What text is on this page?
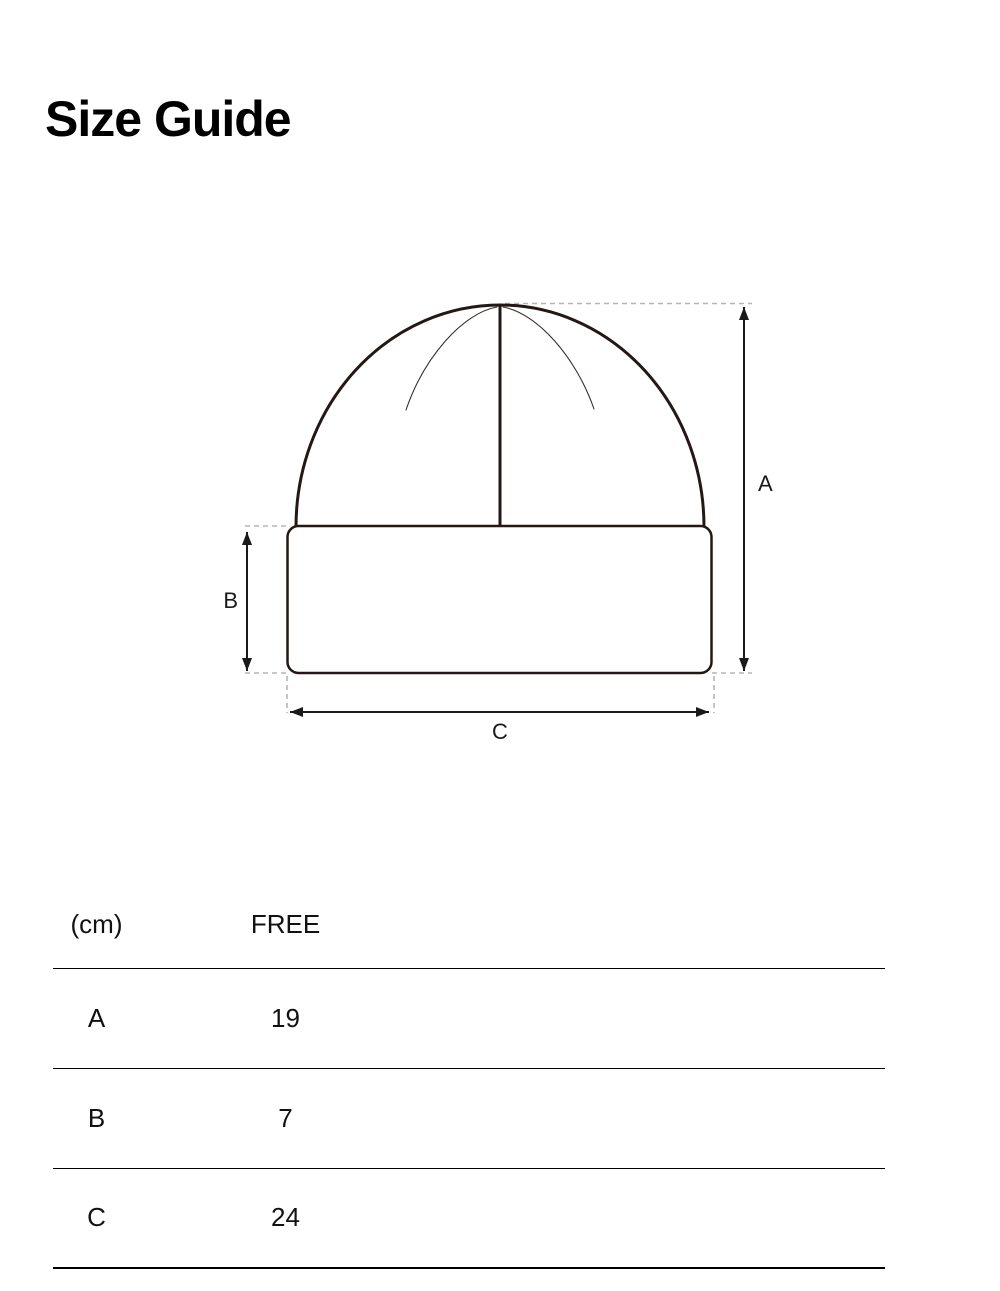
Size Guide
A
B
C
(cm)	FREE	
A	19	
B	7	
C	24	
